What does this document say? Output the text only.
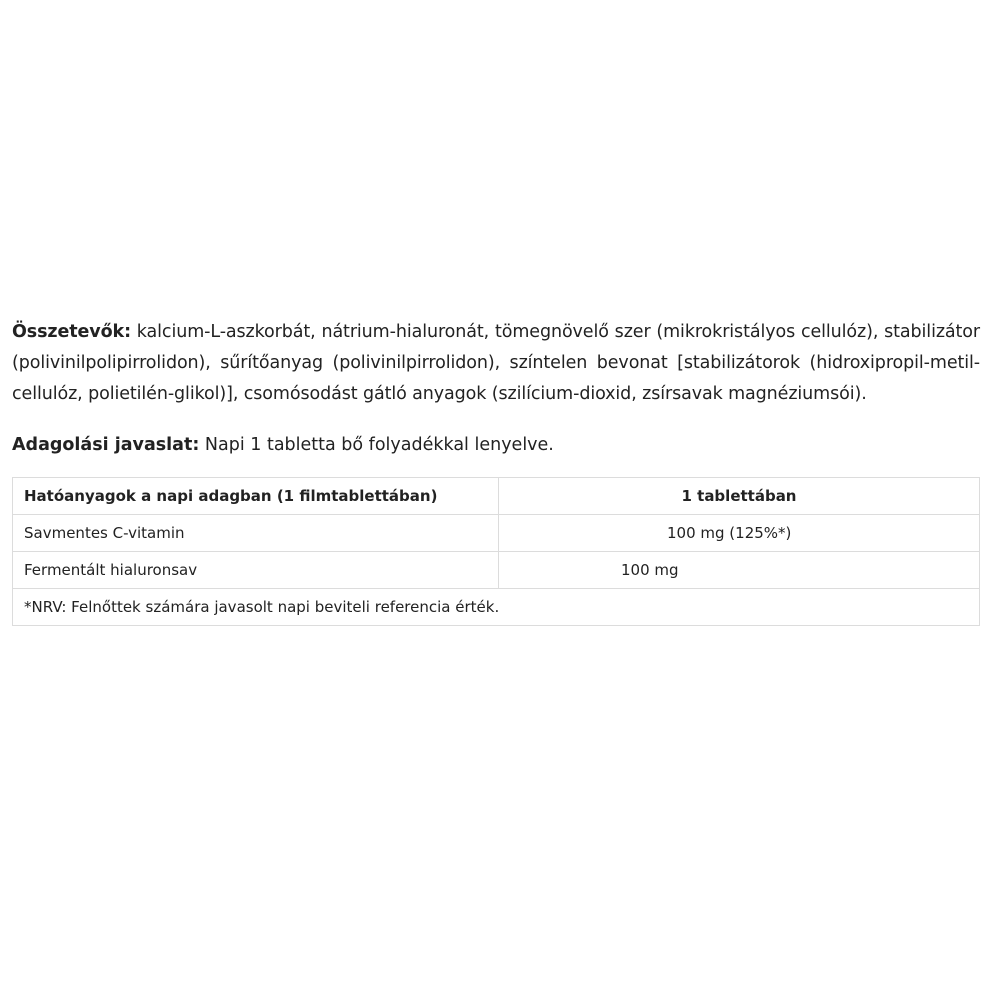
Összetevők: kalcium-L-aszkorbát, nátrium-hialuronát, tömegnövelő szer (mikrokristályos cellulóz), stabilizátor (polivinilpolipirrolidon), sűrítőanyag (polivinilpirrolidon), színtelen bevonat [stabilizátorok (hidroxipropil-metil-cellulóz, polietilén-glikol)], csomósodást gátló anyagok (szilícium-dioxid, zsírsavak magnéziumsói).

Adagolási javaslat: Napi 1 tabletta bő folyadékkal lenyelve.

Hatóanyagok a napi adagban (1 filmtablettában)	1 tablettában
Savmentes C-vitamin	100 mg (125%*)
Fermentált hialuronsav	100 mg
*NRV: Felnőttek számára javasolt napi beviteli referencia érték.	
